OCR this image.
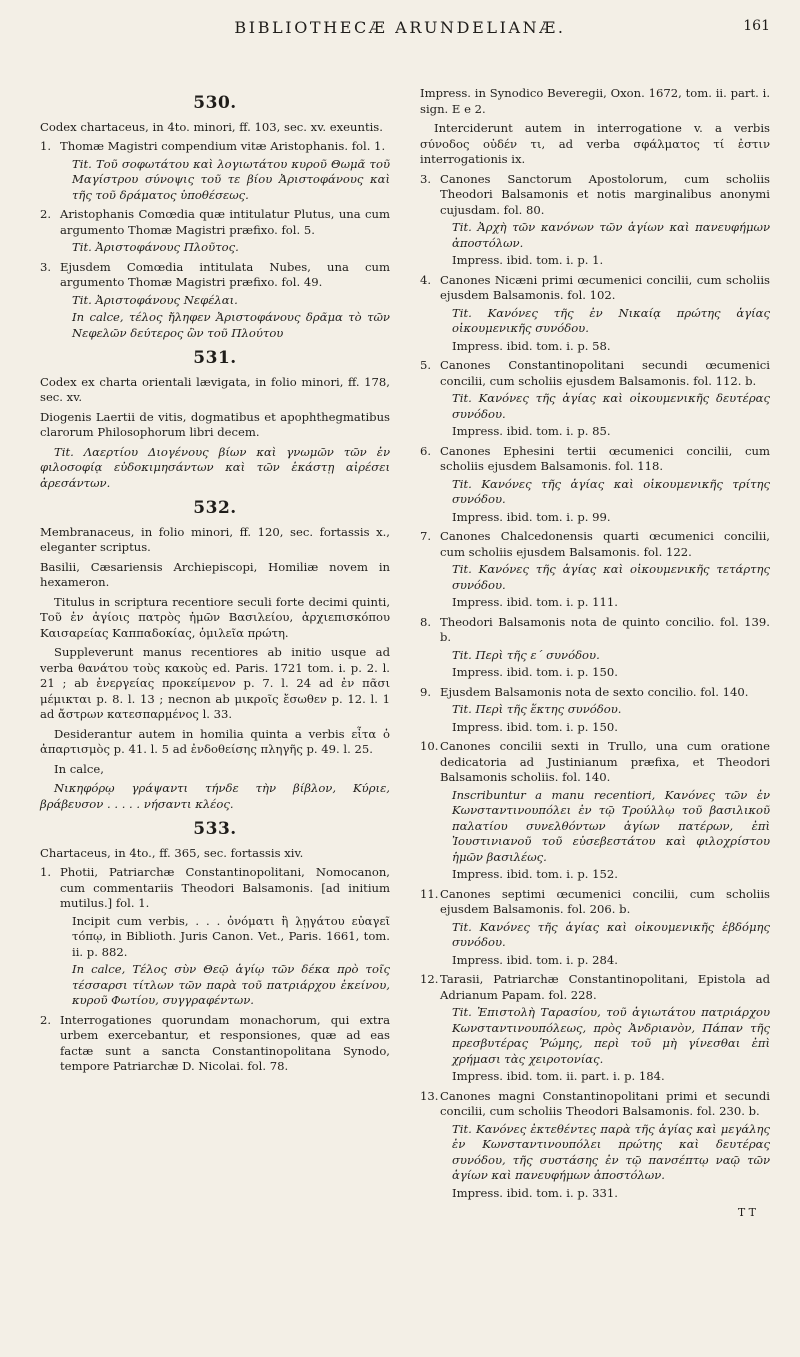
BIBLIOTHECÆ ARUNDELIANÆ.	161
530.

Codex chartaceus, in 4to. minori, ff. 103, sec. xv. exeuntis.

1. Thomæ Magistri compendium vitæ Aristophanis. fol. 1.

Tit. Τοῦ σοφωτάτου καὶ λογιωτάτου κυροῦ Θωμᾶ τοῦ Μαγίστρου σύνοψις τοῦ τε βίου Ἀριστοφάνους καὶ τῆς τοῦ δράματος ὑποθέσεως.

2. Aristophanis Comœdia quæ intitulatur Plutus, una cum argumento Thomæ Magistri præfixo. fol. 5.

Tit. Ἀριστοφάνους Πλοῦτος.

3. Ejusdem Comœdia intitulata Nubes, una cum argumento Thomæ Magistri præfixo. fol. 49.

Tit. Ἀριστοφάνους Νεφέλαι.

In calce, τέλος ἤληφεν Ἀριστοφάνους δρᾶμα τὸ τῶν Νεφελῶν δεύτερος ὢν τοῦ Πλούτου

531.

Codex ex charta orientali lævigata, in folio minori, ff. 178, sec. xv.

Diogenis Laertii de vitis, dogmatibus et apophthegmatibus clarorum Philosophorum libri decem.

Tit. Λαερτίου Διογένους βίων καὶ γνωμῶν τῶν ἐν φιλοσοφίᾳ εὐδοκιμησάντων καὶ τῶν ἑκάστῃ αἱρέσει ἀρεσάντων.

532.

Membranaceus, in folio minori, ff. 120, sec. fortassis x., eleganter scriptus.

Basilii, Cæsariensis Archiepiscopi, Homiliæ novem in hexameron.

Titulus in scriptura recentiore seculi forte decimi quinti, Τοῦ ἐν ἁγίοις πατρὸς ἡμῶν Βασιλείου, ἀρχιεπισκόπου Καισαρείας Καππαδοκίας, ὁμιλεῖα πρώτη.

Suppleverunt manus recentiores ab initio usque ad verba θανάτου τοὺς κακοὺς ed. Paris. 1721 tom. i. p. 2. l. 21 ; ab ἐνεργείας προκείμενον p. 7. l. 24 ad ἐν πᾶσι μέμικται p. 8. l. 13 ; necnon ab μικροῖς ἔσωθεν p. 12. l. 1 ad ἄστρων κατεσπαρμένος l. 33.

Desiderantur autem in homilia quinta a verbis εἶτα ὁ ἀπαρτισμὸς p. 41. l. 5 ad ἐνδοθείσης πληγῆς p. 49. l. 25.

In calce,

Νικηφόρῳ γράψαντι τήνδε τὴν βίβλον, Κύριε, βράβευσον . . . . . νήσαντι κλέος.

533.

Chartaceus, in 4to., ff. 365, sec. fortassis xiv.

1. Photii, Patriarchæ Constantinopolitani, Nomocanon, cum commentariis Theodori Balsamonis. [ad initium mutilus.] fol. 1.

Incipit cum verbis, . . . ὀνόματι ἢ λῃγάτου εὐαγεῖ τόπῳ, in Biblioth. Juris Canon. Vet., Paris. 1661, tom. ii. p. 882.

In calce, Τέλος σὺν Θεῷ ἁγίῳ τῶν δέκα πρὸ τοῖς τέσσαρσι τίτλων τῶν παρὰ τοῦ πατριάρχου ἐκείνου, κυροῦ Φωτίου, συγγραφέντων.

2. Interrogationes quorundam monachorum, qui extra urbem exercebantur, et responsiones, quæ ad eas factæ sunt a sancta Constantinopolitana Synodo, tempore Patriarchæ D. Nicolai. fol. 78.

Impress. in Synodico Beveregii, Oxon. 1672, tom. ii. part. i. sign. E e 2.

Interciderunt autem in interrogatione v. a verbis σύνοδος οὐδέν τι, ad verba σφάλματος τί ἐστιν interrogationis ix.

3. Canones Sanctorum Apostolorum, cum scholiis Theodori Balsamonis et notis marginalibus anonymi cujusdam. fol. 80.

Tit. Ἀρχὴ τῶν κανόνων τῶν ἁγίων καὶ πανευφήμων ἀποστόλων.

Impress. ibid. tom. i. p. 1.

4. Canones Nicæni primi œcumenici concilii, cum scholiis ejusdem Balsamonis. fol. 102.

Tit. Κανόνες τῆς ἐν Νικαίᾳ πρώτης ἁγίας οἰκουμενικῆς συνόδου.

Impress. ibid. tom. i. p. 58.

5. Canones Constantinopolitani secundi œcumenici concilii, cum scholiis ejusdem Balsamonis. fol. 112. b.

Tit. Κανόνες τῆς ἁγίας καὶ οἰκουμενικῆς δευτέρας συνόδου.

Impress. ibid. tom. i. p. 85.

6. Canones Ephesini tertii œcumenici concilii, cum scholiis ejusdem Balsamonis. fol. 118.

Tit. Κανόνες τῆς ἁγίας καὶ οἰκουμενικῆς τρίτης συνόδου.

Impress. ibid. tom. i. p. 99.

7. Canones Chalcedonensis quarti œcumenici concilii, cum scholiis ejusdem Balsamonis. fol. 122.

Tit. Κανόνες τῆς ἁγίας καὶ οἰκουμενικῆς τετάρτης συνόδου.

Impress. ibid. tom. i. p. 111.

8. Theodori Balsamonis nota de quinto concilio. fol. 139. b.

Tit. Περὶ τῆς ε΄ συνόδου.

Impress. ibid. tom. i. p. 150.

9. Ejusdem Balsamonis nota de sexto concilio. fol. 140.

Tit. Περὶ τῆς ἕκτης συνόδου.

Impress. ibid. tom. i. p. 150.

10. Canones concilii sexti in Trullo, una cum oratione dedicatoria ad Justinianum præfixa, et Theodori Balsamonis scholiis. fol. 140.

Inscribuntur a manu recentiori, Κανόνες τῶν ἐν Κωνσταντινουπόλει ἐν τῷ Τρούλλῳ τοῦ βασιλικοῦ παλατίου συνελθόντων ἁγίων πατέρων, ἐπὶ Ἰουστινιανοῦ τοῦ εὐσεβεστάτου καὶ φιλοχρίστου ἡμῶν βασιλέως.

Impress. ibid. tom. i. p. 152.

11. Canones septimi œcumenici concilii, cum scholiis ejusdem Balsamonis. fol. 206. b.

Tit. Κανόνες τῆς ἁγίας καὶ οἰκουμενικῆς ἑβδόμης συνόδου.

Impress. ibid. tom. i. p. 284.

12. Tarasii, Patriarchæ Constantinopolitani, Epistola ad Adrianum Papam. fol. 228.

Tit. Ἐπιστολὴ Ταρασίου, τοῦ ἁγιωτάτου πατριάρχου Κωνσταντινουπόλεως, πρὸς Ἀνδριανὸν, Πάπαν τῆς πρεσβυτέρας Ῥώμης, περὶ τοῦ μὴ γίνεσθαι ἐπὶ χρήμασι τὰς χειροτονίας.

Impress. ibid. tom. ii. part. i. p. 184.

13. Canones magni Constantinopolitani primi et secundi concilii, cum scholiis Theodori Balsamonis. fol. 230. b.

Tit. Κανόνες ἐκτεθέντες παρὰ τῆς ἁγίας καὶ μεγάλης ἐν Κωνσταντινουπόλει πρώτης καὶ δευτέρας συνόδου, τῆς συστάσης ἐν τῷ πανσέπτῳ ναῷ τῶν ἁγίων καὶ πανευφήμων ἀποστόλων.

Impress. ibid. tom. i. p. 331.

T T
